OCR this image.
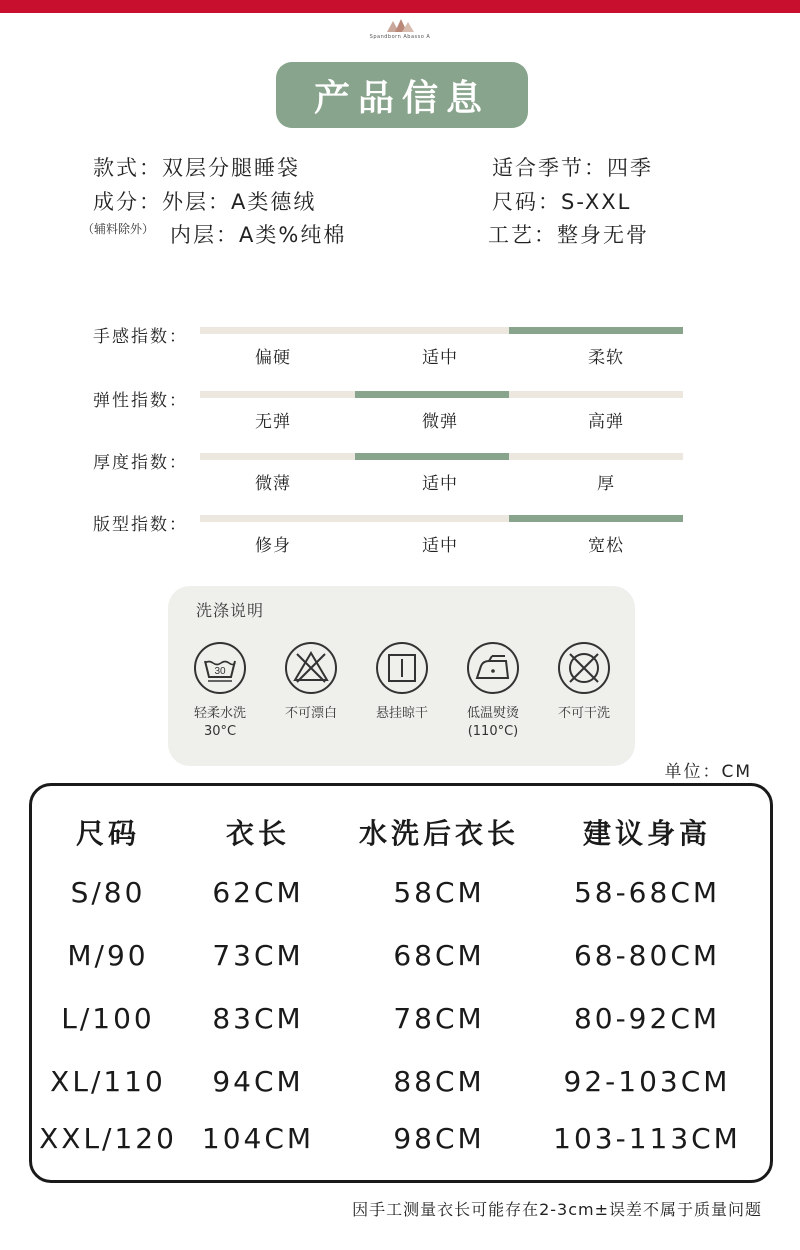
Spandborn Abasso A
产品信息
款式：双层分腿睡袋	适合季节：四季
成分：外层：A类德绒	尺码：S-XXL
（辅料除外） 内层：A类%纯棉	工艺：整身无骨
手感指数：
偏硬	适中	柔软
弹性指数：
无弹	微弹	高弹
厚度指数：
微薄	适中	厚
版型指数：
修身	适中	宽松
洗涤说明
30
轻柔水洗
30°C
不可漂白	悬挂晾干	低温熨烫
(110°C)
不可干洗
单位：CM
尺码	衣长	水洗后衣长	建议身高
S/80	62CM	58CM	58-68CM
M/90	73CM	68CM	68-80CM
L/100	83CM	78CM	80-92CM
XL/110	94CM	88CM	92-103CM
XXL/120 104CM	98CM	103-113CM
因手工测量衣长可能存在2-3cm±误差不属于质量问题
